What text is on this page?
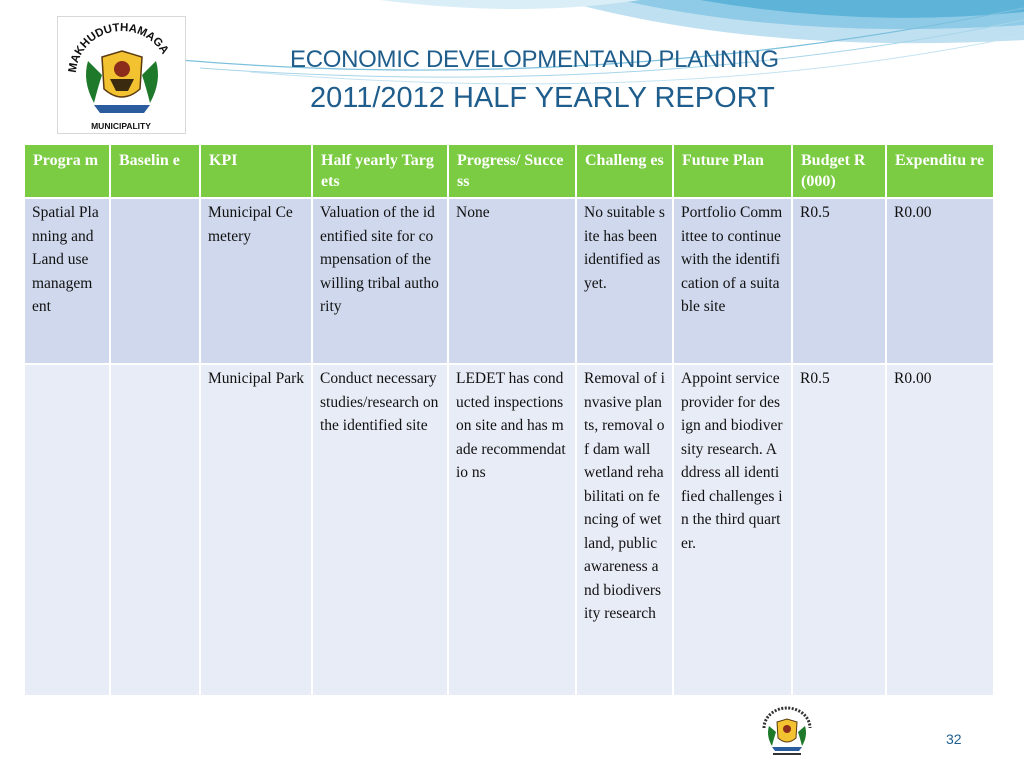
MAKHUDUTHAMAGA
MUNICIPALITY
ECONOMIC DEVELOPMENTAND PLANNING
2011/2012 HALF YEARLY REPORT
Progra m	Baselin e	KPI	Half yearly Targets	Progress/ Success	Challeng es	Future Plan	Budget R(000)	Expenditu re
Spatial Planning and Land use managem ent		Municipal Cemetery	Valuation of the identified site for compensation of the willing tribal authority	None	No suitable site has been identified as yet.	Portfolio Committee to continue with the identification of a suitable site	R0.5	R0.00
		Municipal Park	Conduct necessary studies/research on the identified site	LEDET has conducted inspections on site and has made recommendatio ns	Removal of invasive plants, removal of dam wall wetland rehabilitati on fencing of wetland, public awareness and biodiversity research	Appoint service provider for design and biodiversity research. Address all identified challenges in the third quarter.	R0.5	R0.00
32
